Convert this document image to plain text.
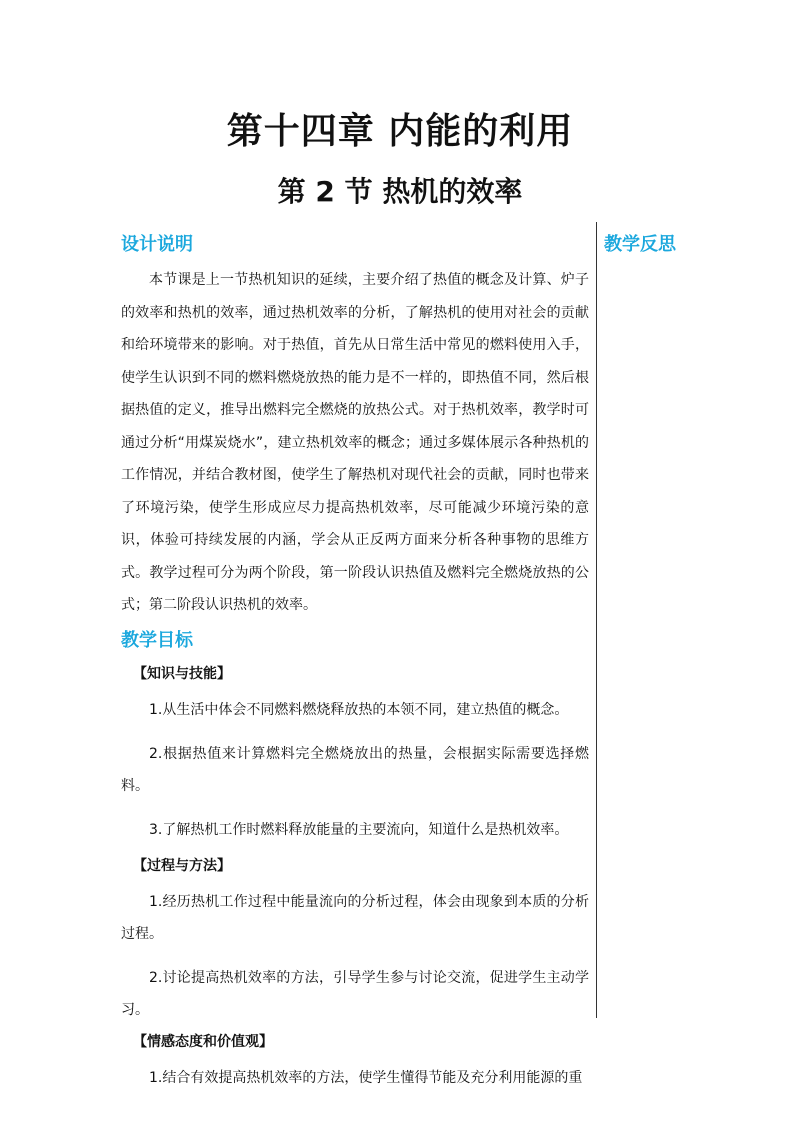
第十四章 内能的利用
第 2 节 热机的效率
教学反思
设计说明

本节课是上一节热机知识的延续，主要介绍了热值的概念及计算、炉子的效率和热机的效率，通过热机效率的分析，了解热机的使用对社会的贡献和给环境带来的影响。对于热值，首先从日常生活中常见的燃料使用入手，使学生认识到不同的燃料燃烧放热的能力是不一样的，即热值不同，然后根据热值的定义，推导出燃料完全燃烧的放热公式。对于热机效率，教学时可通过分析“用煤炭烧水”，建立热机效率的概念；通过多媒体展示各种热机的工作情况，并结合教材图，使学生了解热机对现代社会的贡献，同时也带来了环境污染，使学生形成应尽力提高热机效率，尽可能减少环境污染的意识，体验可持续发展的内涵，学会从正反两方面来分析各种事物的思维方式。教学过程可分为两个阶段，第一阶段认识热值及燃料完全燃烧放热的公式；第二阶段认识热机的效率。

教学目标
【知识与技能】

1.从生活中体会不同燃料燃烧释放热的本领不同，建立热值的概念。

2.根据热值来计算燃料完全燃烧放出的热量，会根据实际需要选择燃料。

3.了解热机工作时燃料释放能量的主要流向，知道什么是热机效率。

【过程与方法】

1.经历热机工作过程中能量流向的分析过程，体会由现象到本质的分析过程。

2.讨论提高热机效率的方法，引导学生参与讨论交流，促进学生主动学习。

【情感态度和价值观】

1.结合有效提高热机效率的方法，使学生懂得节能及充分利用能源的重
